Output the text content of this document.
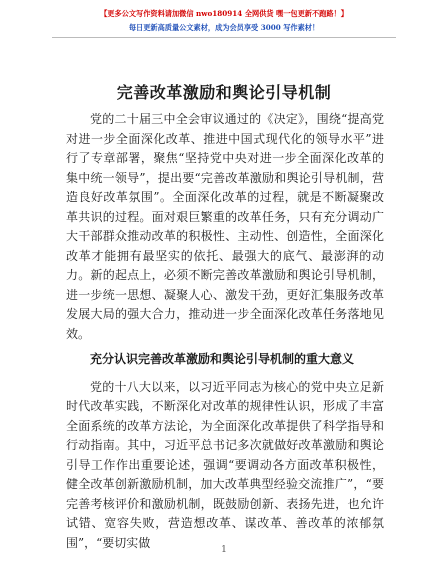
【更多公文写作资料请加微信 nwo180914 全网供货 嘿一包更新不跑路！】
每日更新高质量公文素材，成为会员享受 3000 写作素材！
完善改革激励和舆论引导机制

党的二十届三中全会审议通过的《决定》，围绕“提高党对进一步全面深化改革、推进中国式现代化的领导水平”进行了专章部署，聚焦“坚持党中央对进一步全面深化改革的集中统一领导”，提出要“完善改革激励和舆论引导机制，营造良好改革氛围”。全面深化改革的过程，就是不断凝聚改革共识的过程。面对艰巨繁重的改革任务，只有充分调动广大干部群众推动改革的积极性、主动性、创造性，全面深化改革才能拥有最坚实的依托、最强大的底气、最澎湃的动力。新的起点上，必须不断完善改革激励和舆论引导机制，进一步统一思想、凝聚人心、激发干劲，更好汇集服务改革发展大局的强大合力，推动进一步全面深化改革任务落地见效。

充分认识完善改革激励和舆论引导机制的重大意义

党的十八大以来，以习近平同志为核心的党中央立足新时代改革实践，不断深化对改革的规律性认识，形成了丰富全面系统的改革方法论，为全面深化改革提供了科学指导和行动指南。其中，习近平总书记多次就做好改革激励和舆论引导工作作出重要论述，强调“要调动各方面改革积极性，健全改革创新激励机制，加大改革典型经验交流推广”，“要完善考核评价和激励机制，既鼓励创新、表扬先进，也允许试错、宽容失败，营造想改革、谋改革、善改革的浓郁氛围”，“要切实做

1
